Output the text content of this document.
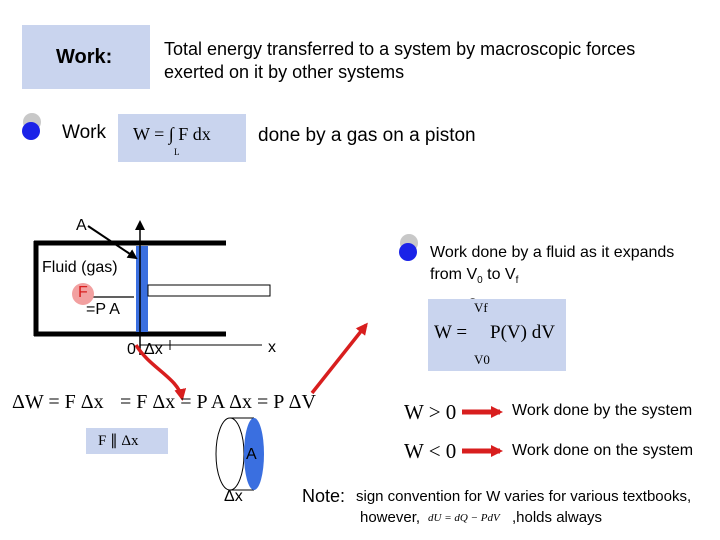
Work:	Total energy transferred to a system by macroscopic forces
exerted on it by other systems
Work W = ∫ F dx
L
done by a gas on a piston
A
Fluid (gas)
F
=P A
0 Δx	x
Work done by a fluid as it expands
from $V_0$ to $V_f$
W =
Vf
V0
P(V) dV
ΔW = F Δx = F Δx = P A Δx = P ΔV
F ∥ Δx
A
Δx
W > 0	Work done by the system
W < 0	Work done on the system
Note: sign convention for W varies for various textbooks,
however, dU = dQ − PdV ,holds always
